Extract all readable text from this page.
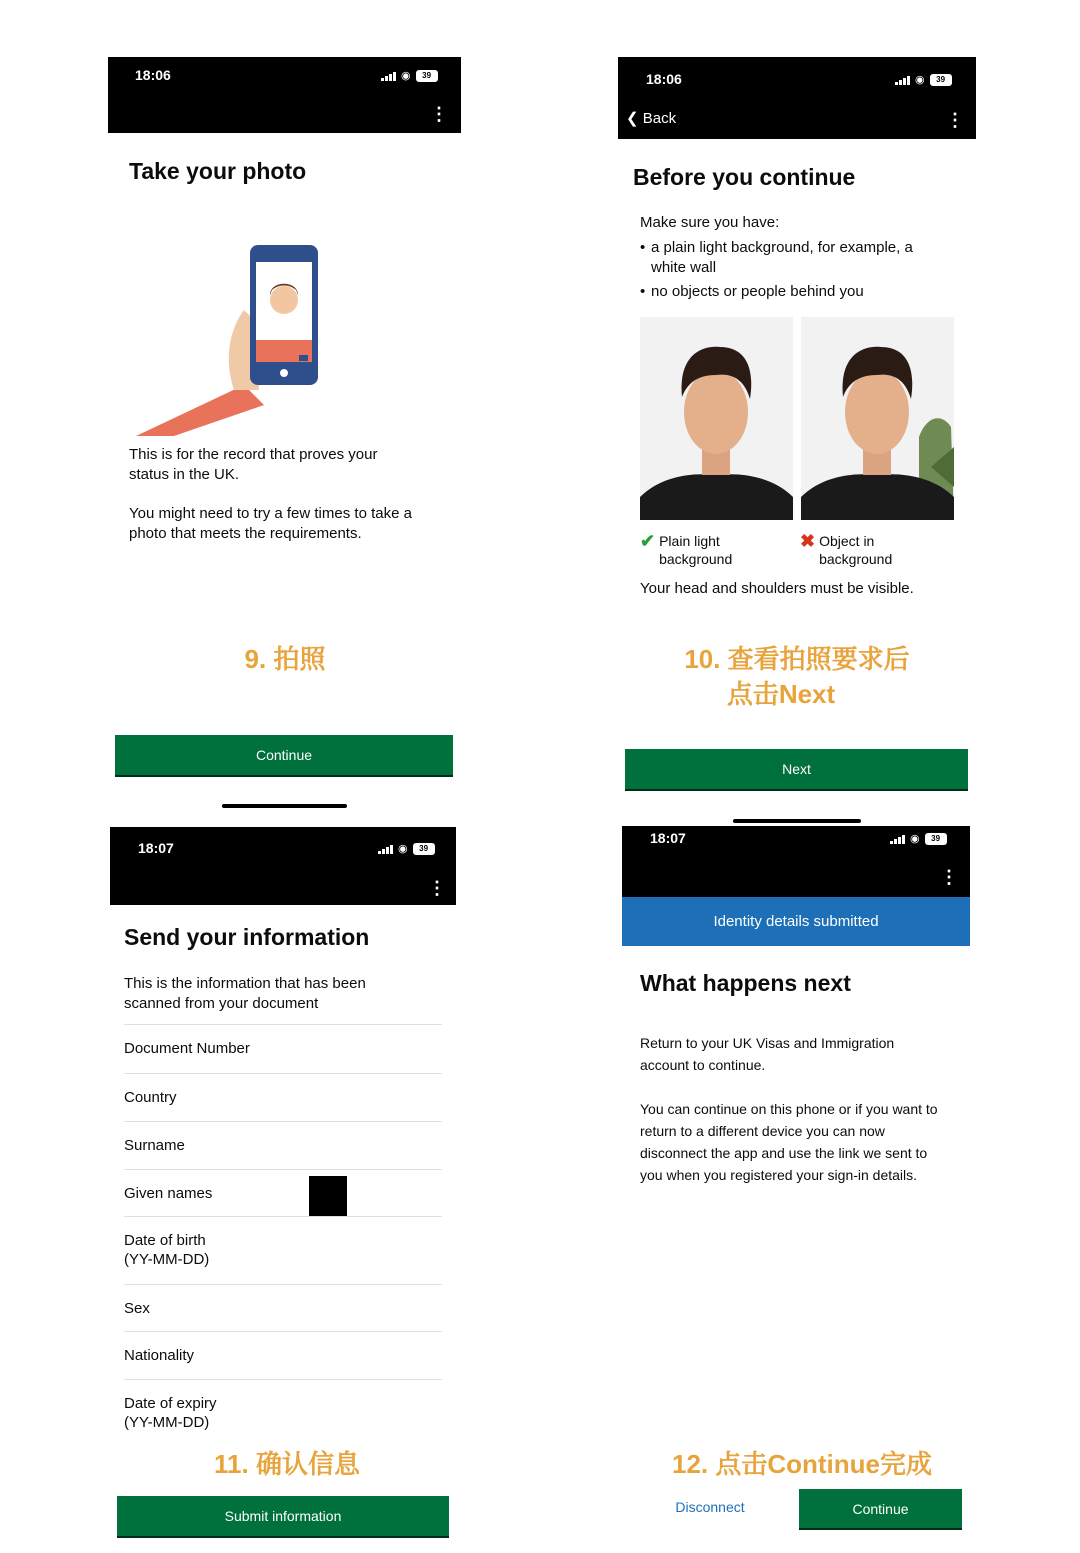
18:06	◉	39
⋮
Take your photo
This is for the record that proves your status in the UK.
You might need to try a few times to take a photo that meets the requirements.
9. 拍照
Continue
18:06	◉	39
❮ Back	⋮
Before you continue
Make sure you have:
• a plain light background, for example, a white wall
• no objects or people behind you
✔ Plain light background
✖ Object in background
Your head and shoulders must be visible.
10. 查看拍照要求后
点击Next
Next
18:07	◉	39
⋮
Send your information
This is the information that has been scanned from your document
Document Number
Country
Surname
Given names
Date of birth (YY-MM-DD)
Sex
Nationality
Date of expiry (YY-MM-DD)
11. 确认信息
Submit information
18:07	◉	39
⋮
Identity details submitted
What happens next
Return to your UK Visas and Immigration account to continue.
You can continue on this phone or if you want to return to a different device you can now disconnect the app and use the link we sent to you when you registered your sign-in details.
12. 点击Continue完成
Disconnect	Continue
